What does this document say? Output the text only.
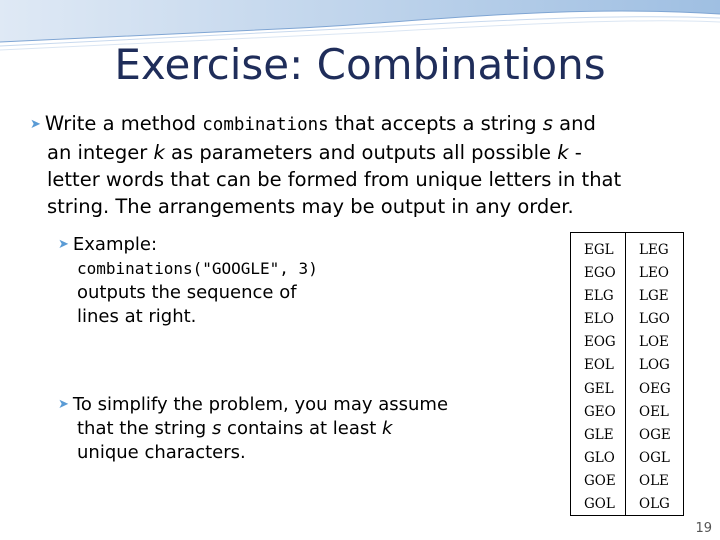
Exercise: Combinations
➤ Write a method combinations that accepts a string s and
an integer k as parameters and outputs all possible k -
letter words that can be formed from unique letters in that
string. The arrangements may be output in any order.
➤ Example:
combinations("GOOGLE", 3)
outputs the sequence of
lines at right.
➤ To simplify the problem, you may assume
that the string s contains at least k
unique characters.
EGL
EGO
ELG
ELO
EOG
EOL
GEL
GEO
GLE
GLO
GOE
GOL
LEG
LEO
LGE
LGO
LOE
LOG
OEG
OEL
OGE
OGL
OLE
OLG
19
